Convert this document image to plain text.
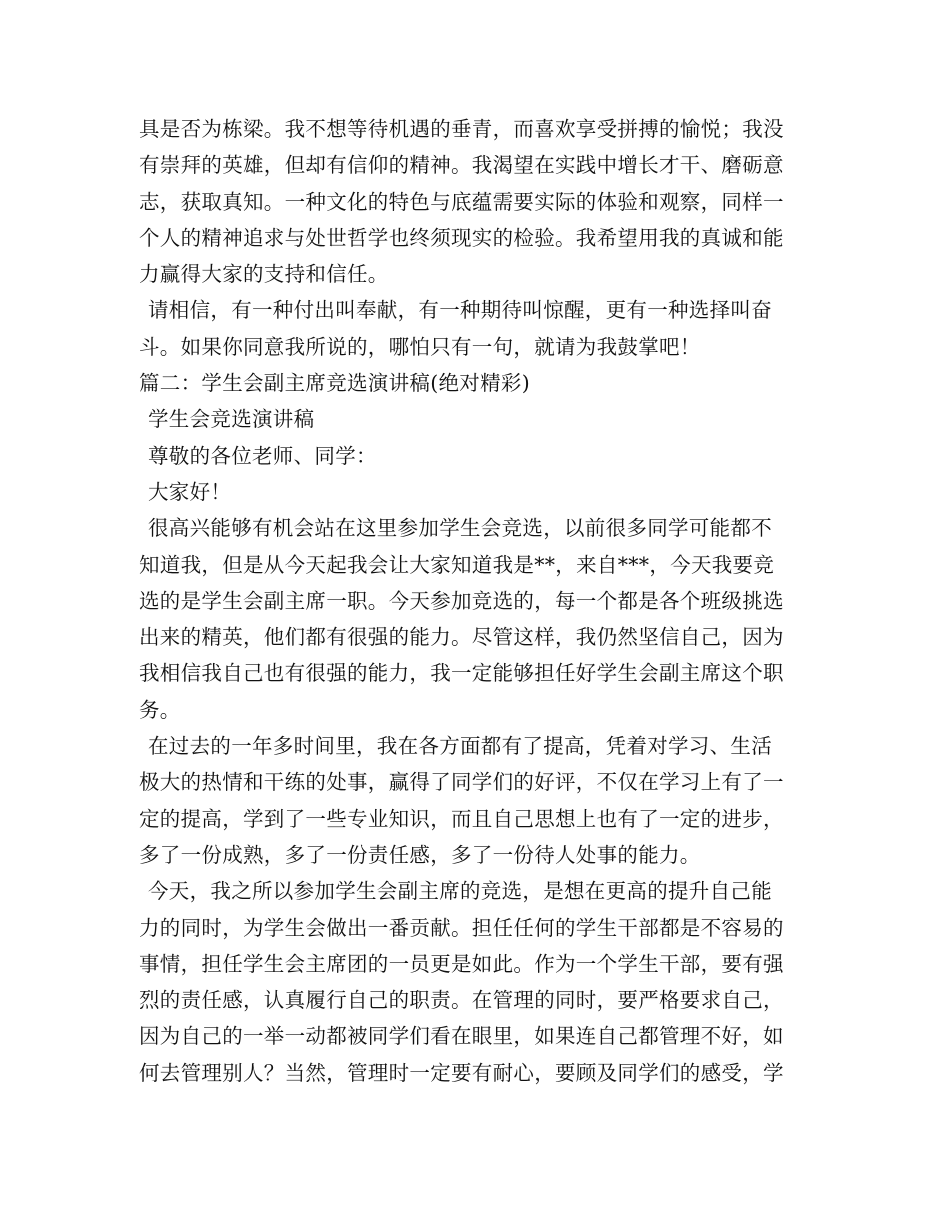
具是否为栋梁。我不想等待机遇的垂青，而喜欢享受拼搏的愉悦；我没
有崇拜的英雄，但却有信仰的精神。我渴望在实践中增长才干、磨砺意
志，获取真知。一种文化的特色与底蕴需要实际的体验和观察，同样一
个人的精神追求与处世哲学也终须现实的检验。我希望用我的真诚和能
力赢得大家的支持和信任。
请相信，有一种付出叫奉献，有一种期待叫惊醒，更有一种选择叫奋
斗。如果你同意我所说的，哪怕只有一句，就请为我鼓掌吧！
篇二：学生会副主席竞选演讲稿(绝对精彩)
学生会竞选演讲稿
尊敬的各位老师、同学：
大家好！
很高兴能够有机会站在这里参加学生会竞选，以前很多同学可能都不
知道我，但是从今天起我会让大家知道我是**，来自***，今天我要竞
选的是学生会副主席一职。今天参加竞选的，每一个都是各个班级挑选
出来的精英，他们都有很强的能力。尽管这样，我仍然坚信自己，因为
我相信我自己也有很强的能力，我一定能够担任好学生会副主席这个职
务。
在过去的一年多时间里，我在各方面都有了提高，凭着对学习、生活
极大的热情和干练的处事，赢得了同学们的好评，不仅在学习上有了一
定的提高，学到了一些专业知识，而且自己思想上也有了一定的进步，
多了一份成熟，多了一份责任感，多了一份待人处事的能力。
今天，我之所以参加学生会副主席的竞选，是想在更高的提升自己能
力的同时，为学生会做出一番贡献。担任任何的学生干部都是不容易的
事情，担任学生会主席团的一员更是如此。作为一个学生干部，要有强
烈的责任感，认真履行自己的职责。在管理的同时，要严格要求自己，
因为自己的一举一动都被同学们看在眼里，如果连自己都管理不好，如
何去管理别人？当然，管理时一定要有耐心，要顾及同学们的感受，学
